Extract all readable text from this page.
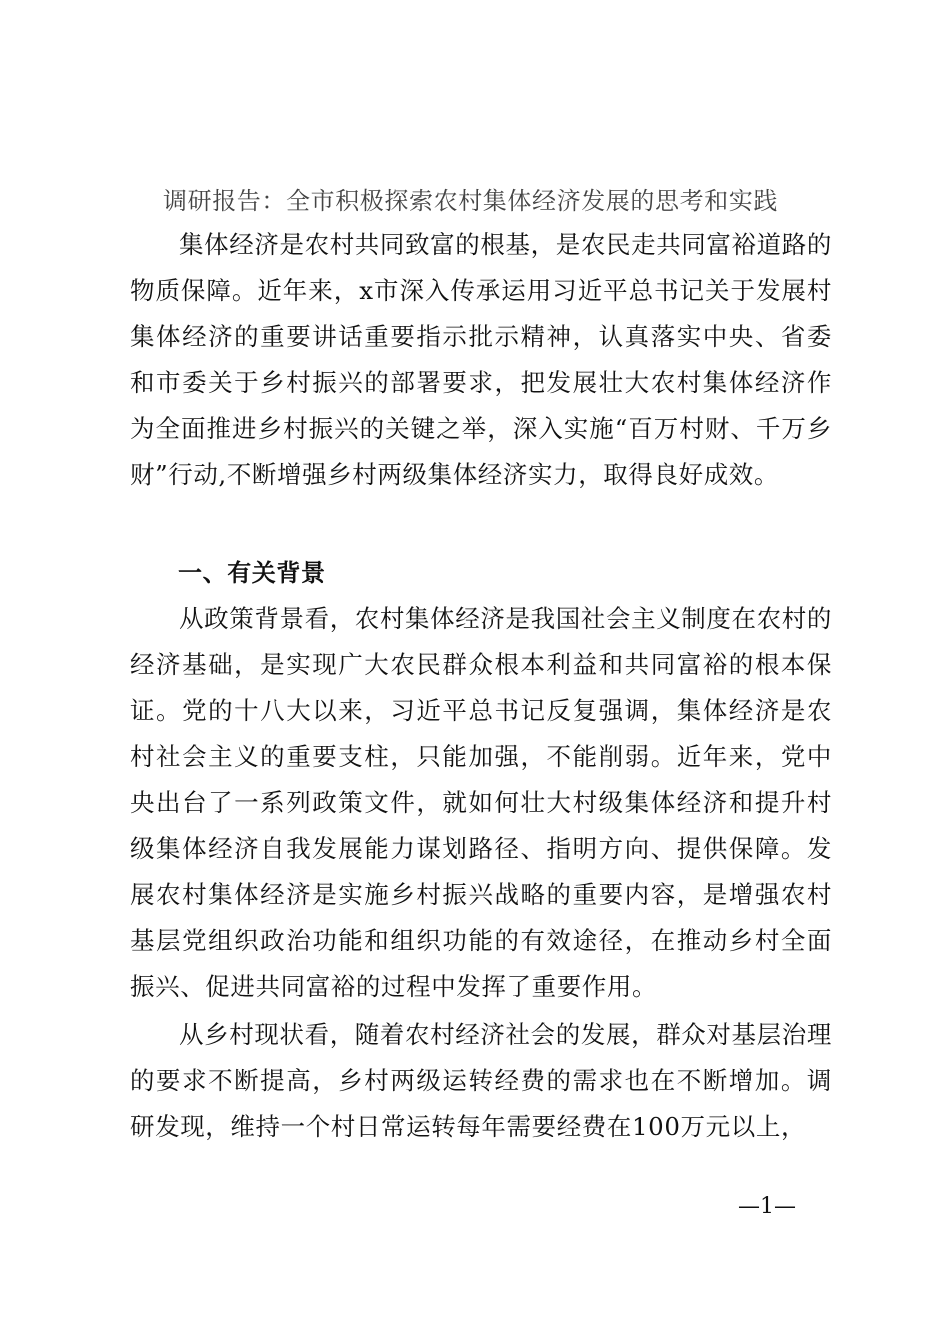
调研报告：全市积极探索农村集体经济发展的思考和实践

集体经济是农村共同致富的根基，是农民走共同富裕道路的物质保障。近年来，x市深入传承运用习近平总书记关于发展村集体经济的重要讲话重要指示批示精神，认真落实中央、省委和市委关于乡村振兴的部署要求，把发展壮大农村集体经济作为全面推进乡村振兴的关键之举，深入实施“百万村财、千万乡财”行动,不断增强乡村两级集体经济实力，取得良好成效。

一、有关背景

从政策背景看，农村集体经济是我国社会主义制度在农村的经济基础，是实现广大农民群众根本利益和共同富裕的根本保证。党的十八大以来，习近平总书记反复强调，集体经济是农村社会主义的重要支柱，只能加强，不能削弱。近年来，党中央出台了一系列政策文件，就如何壮大村级集体经济和提升村级集体经济自我发展能力谋划路径、指明方向、提供保障。发展农村集体经济是实施乡村振兴战略的重要内容，是增强农村基层党组织政治功能和组织功能的有效途径，在推动乡村全面振兴、促进共同富裕的过程中发挥了重要作用。

从乡村现状看，随着农村经济社会的发展，群众对基层治理的要求不断提高，乡村两级运转经费的需求也在不断增加。调研发现，维持一个村日常运转每年需要经费在100万元以上，

—1—
